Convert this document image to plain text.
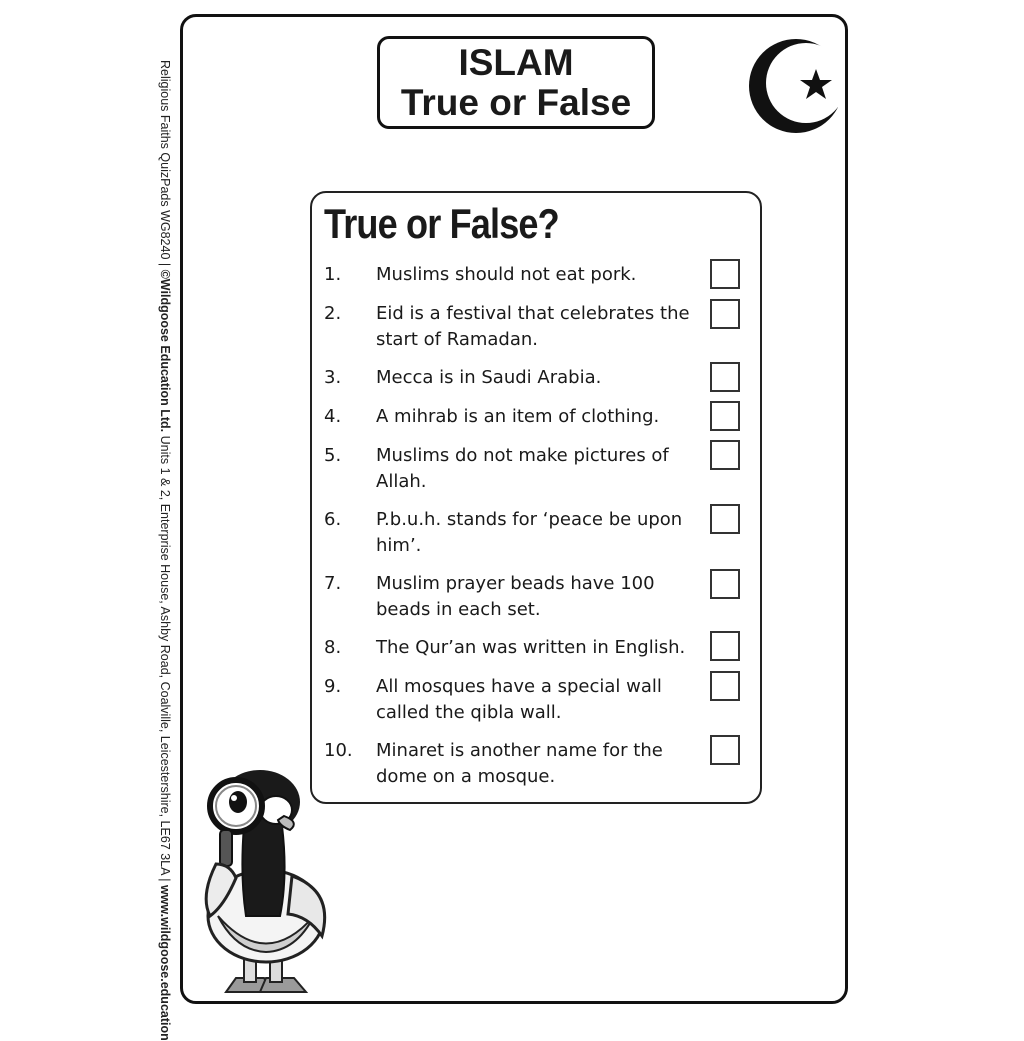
Religious Faiths QuizPads WG8240 | ©Wildgoose Education Ltd. Units 1 & 2, Enterprise House, Ashby Road, Coalville, Leicestershire, LE67 3LA | www.wildgoose.education
ISLAM
True or False
True or False?
1. Muslims should not eat pork.
2. Eid is a festival that celebrates the start of Ramadan.
3. Mecca is in Saudi Arabia.
4. A mihrab is an item of clothing.
5. Muslims do not make pictures of Allah.
6. P.b.u.h. stands for ‘peace be upon him’.
7. Muslim prayer beads have 100 beads in each set.
8. The Qur’an was written in English.
9. All mosques have a special wall called the qibla wall.
10. Minaret is another name for the dome on a mosque.
